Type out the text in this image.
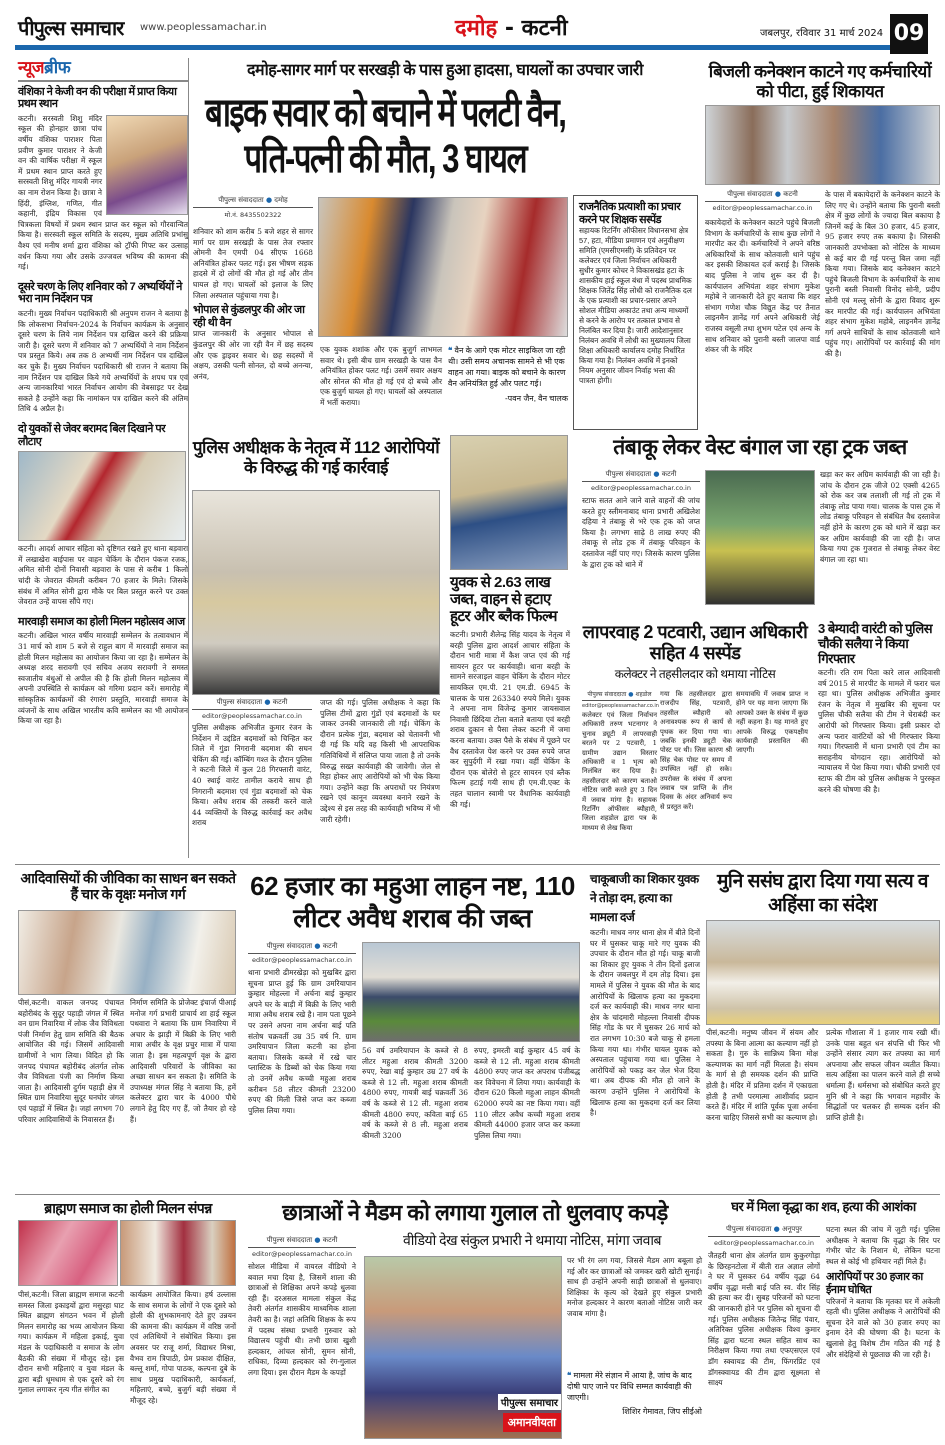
पीपुल्स समाचार www.peoplessamachar.in	दमोह - कटनी	जबलपुर, रविवार 31 मार्च 2024 09
न्यूजब्रीफ
वंशिका ने केजी वन की परीक्षा में प्राप्त किया प्रथम स्थान
कटनी। सरस्वती शिशु मंदिर स्कूल की होनहार छात्रा पांच वर्षीय वंशिका पाराशर पिता प्रवीण कुमार पाराशर ने केजी वन की वार्षिक परीक्षा में स्कूल में प्रथम स्थान प्राप्त करते हुए सरस्वती शिशु मंदिर गायत्री नगर का नाम रोशन किया है। छात्रा ने हिंदी, इंग्लिश, गणित, गीत कहानी, इंद्रिय विकास एवं चित्रकला विषयों में प्रथम स्थान प्राप्त कर स्कूल को गौरवान्वित किया है। सरस्वती स्कूल समिति के सदस्य, मुख्य अतिथि प्रभांसु वैश्य एवं मनीष शर्मा द्वारा वंशिका को ट्रॉफी गिफ्ट कर उत्साह वर्धन किया गया और उसके उज्जवल भविष्य की कामना की गई।
दूसरे चरण के लिए शनिवार को 7 अभ्यर्थियों ने भरा नाम निर्देशन पत्र
कटनी। मुख्य निर्वाचन पदाधिकारी श्री अनुपम राजन ने बताया है कि लोकसभा निर्वाचन-2024 के निर्वाचन कार्यक्रम के अनुसार दूसरे चरण के लिये नाम निर्देशन पत्र दाखिल करने की प्रक्रिया जारी है। दूसरे चरण में शनिवार को 7 अभ्यर्थियों ने नाम निर्देशन पत्र प्रस्तुत किये। अब तक 8 अभ्यर्थी नाम निर्देशन पत्र दाखिल कर चुके हैं। मुख्य निर्वाचन पदाधिकारी श्री राजन ने बताया कि नाम निर्देशन पत्र दाखिल किये गये अभ्यर्थियों के शपथ पत्र एवं अन्य जानकारियां भारत निर्वाचन आयोग की वेबसाइट पर देख सकते है उन्होंने कहा कि नामांकन पत्र दाखिल करने की अंतिम तिथि 4 अप्रैल है।
दो युवकों से जेवर बरामद बिल दिखाने पर लौटाए
कटनी। आदर्श आचार संहिता को दृष्टिगत रखते हुए थाना बड़वारा में लखाखेरा बाईपास पर वाहन चेकिंग के दौरान पंकज रजक, अमित सोनी दोनों निवासी बड़वारा के पास से करीब 1 किलो चांदी के जेवरात कीमती करीबन 70 हजार के मिले। जिसके संबंध में अमित सोनी द्वारा मौके पर बिल प्रस्तुत करने पर उक्त जेवरात उन्हें वापस सौंपे गए।
मारवाड़ी समाज का होली मिलन महोत्सव आज
कटनी। अखिल भारत वर्षीय मारवाड़ी सम्मेलन के तत्वावधान में 31 मार्च को शाम 5 बजे से राहुल बाग में मारवाड़ी समाज का होली मिलन महोत्सव का आयोजन किया जा रहा है। सम्मेलन के अध्यक्ष शरद सरावगी एवं सचिव अजय सरावगी ने समस्त स्वजातीय बंधुओं से अपील की है कि होली मिलन महोत्सव में अपनी उपस्थिति से कार्यक्रम को गरिमा प्रदान करें। समारोह में सांस्कृतिक कार्यक्रमों की रंगारंग प्रस्तुति, मारवाड़ी समाज के व्यंजनों के साथ अखिल भारतीय कवि सम्मेलन का भी आयोजन किया जा रहा है।
दमोह-सागर मार्ग पर सरखड़ी के पास हुआ हादसा, घायलों का उपचार जारी
बाइक सवार को बचाने में पलटी वैन, पति-पत्नी की मौत, 3 घायल
पीपुल्स संवाददाता ● दमोह
मो.नं. 8435502322
शनिवार को शाम करीब 5 बजे शहर से सागर मार्ग पर ग्राम सरखड़ी के पास तेज रफ्तार ओमनी वैन एमपी 04 सीएफ 1668 अनियंत्रित होकर पलट गई। इस भीषण सड़क हादसे में दो लोगों की मौत हो गई और तीन घायल हो गए। घायलों को इलाज के लिए जिला अस्पताल पहुंचाया गया है।
भोपाल से कुंडलपुर की ओर जा रही थी वैन
प्राप्त जानकारी के अनुसार भोपाल से कुंडलपुर की ओर जा रही वैन में छह सदस्य और एक ड्राइवर सवार थे। छह सदस्यों में अक्षय, उसकी पत्नी सोनल, दो बच्चे अनन्या, अनंव,
एक युवक शशांक और एक बुजुर्ग लाभमल सवार थे। इसी बीच ग्राम सरखड़ी के पास वैन अनियंत्रित होकर पलट गई। उसमें सवार अक्षय और सोनल की मौत हो गई एवं दो बच्चे और एक बुजुर्ग घायल हो गए। घायलों को अस्पताल में भर्ती कराया।
❝ वैन के आगे एक मोटर साइकिल जा रही थी। उसी समय अचानक सामने से भी एक वाहन आ गया। बाइक को बचाने के कारण वैन अनियंत्रित हुई और पलट गई।
-पवन जैन, वैन चालक
बिजली कनेक्शन काटने गए कर्मचारियों को पीटा, हुई शिकायत
पीपुल्स संवाददाता ● कटनी
editor@peoplessamachar.co.in
बकायेदारों के कनेक्शन काटने पहुंचे बिजली विभाग के कर्मचारियों के साथ कुछ लोगों ने मारपीट कर दी। कर्मचारियों ने अपने वरिष्ठ अधिकारियों के साथ कोतवाली थाने पहुंच कर इसकी शिकायत दर्ज कराई है। जिसके बाद पुलिस ने जांच शुरू कर दी है। कार्यपालन अभियंता शहर संभाग मुकेश महोबे ने जानकारी देते हुए बताया कि शहर संभाग गणेश चौक विद्युत केंद्र पर तैनात लाइनमैन ज्ञानेंद्र गर्ग अपने अधिकारी जेई राजस्व वसूली तथा शुभम पटेल एवं अन्य के साथ शनिवार को पुरानी बस्ती जालपा वार्ड शंकर जी के मंदिर
के पास में बकायेदारों के कनेक्शन काटने के लिए गए थे। उन्होंने बताया कि पुरानी बस्ती क्षेत्र में कुछ लोगों के ज्यादा बिल बकाया है जिनमें कई के बिल 30 हजार, 45 हजार, 95 हजार रुपए तक बकाया है। जिसकी जानकारी उपभोक्ता को नोटिस के माध्यम से कई बार दी गई परन्तु बिल जमा नहीं किया गया। जिसके बाद कनेक्शन काटने पहुंचे बिजली विभाग के कर्मचारियों के साथ पुरानी बस्ती निवासी विनोद सोनी, प्रदीप सोनी एवं मल्लू सोनी के द्वारा विवाद शुरू कर मारपीट की गई। कार्यपालन अभियंता शहर संभाग मुकेश महोबे, लाइनमैन ज्ञानेंद्र गर्ग अपने साथियों के साथ कोतवाली थाने पहुंच गए। आरोपियों पर कार्रवाई की मांग की है।
राजनैतिक प्रत्याशी का प्रचार करने पर शिक्षक सस्पेंड
सहायक रिटर्निंग ऑफीसर विधानसभा क्षेत्र 57, हटा, मीडिया प्रमाणन एवं अनुवीक्षण समिति (एमसीएमसी) के प्रतिवेदन पर कलेक्टर एवं जिला निर्वाचन अधिकारी सुधीर कुमार कोचर ने विकासखंड हटा के शासकीय हाई स्कूल बंधा में पदस्थ प्राथमिक शिक्षक जितेंद्र सिंह लोधी को राजनैतिक दल के एक प्रत्याशी का प्रचार-प्रसार अपने सोशल मीडिया अकाउंट तथा अन्य माध्यमों से करने के आरोप पर तत्काल प्रभाव से निलंबित कर दिया है। जारी आदेशानुसार निलंबन अवधि में लोधी का मुख्यालय जिला शिक्षा अधिकारी कार्यालय दमोह निर्धारित किया गया है। निलंबन अवधि में इनको नियम अनुसार जीवन निर्वाह भत्ता की पात्रता होगी।
पुलिस अधीक्षक के नेतृत्व में 112 आरोपियों के विरुद्ध की गई कार्रवाई
पीपुल्स संवाददाता ● कटनी
editor@peoplessamachar.co.in
पुलिस अधीक्षक अभिजीत कुमार रंजन के निर्देशन में उद्दंडित बदमाशों को चिन्हित कर जिले में गुंडा निगरानी बदमाश की सघन चेकिंग की गई। कॉम्बिंग गश्त के दौरान पुलिस ने कटनी जिले में कुल 28 गिरफ्तारी वारंट, 40 स्थाई वारंट तामील कराये साथ ही निगरानी बदमाश एवं गुंडा बदमाशों को चेक किया। अवैध शराब की तस्करी करने वाले 44 व्यक्तियों के विरुद्ध कार्रवाई कर अवैध शराब
जप्त की गई। पुलिस अधीक्षक ने कहा कि पुलिस टीमों द्वारा गुंडों एवं बदमाशों के घर जाकर उनकी जानकारी ली गई। चेकिंग के दौरान प्रत्येक गुंडा, बदमाश को चेतावनी भी दी गई कि यदि वह किसी भी आपराधिक गतिविधियों में संलिप्त पाया जाता है तो उनके विरुद्ध सख्त कार्यवाही की जावेगी। जेल से रिहा होकर आए आरोपियों को भी चेक किया गया। उन्होंने कहा कि अपराधों पर नियंत्रण रखने एवं कानून व्यवस्था बनाने रखने के उद्देश्य से इस तरह की कार्यवाही भविष्य में भी जारी रहेगी।
युवक से 2.63 लाख जब्त, वाहन से हटाए हूटर और ब्लैक फिल्म
कटनी। प्रभारी शैलेन्द्र सिंह यादव के नेतृत्व में बरही पुलिस द्वारा आदर्श आचार संहिता के दौरान भारी मात्रा में कैश जप्त एवं की गई सायरन हूटर पर कार्यवाही। थाना बरही के सामने सरजाइल वाहन चेकिंग के दौरान मोटर सायकिल एम.पी. 21 एम.डी. 6945 के चालक के पास 263340 रुपये मिले। युवक ने अपना नाम विजेन्द्र कुमार जायसवाल निवासी छिंदिया टोला बताते बताया एवं बरही शराब दुकान से पैसा लेकर कटनी में जमा करना बताया। उक्त पैसे के संबंध में पूछने पर वैध दस्तावेज पेश करने पर उक्त रुपये जप्त कर सुपुर्दगी में रखा गया। वहीं चेकिंग के दौरान एक बोलेरो से हूटर सायरन एवं ब्लैक फिल्म हटाई गयी साथ ही एम.वी.एक्ट के तहत चालान स्वामी पर वैधानिक कार्यवाही की गई।
तंबाकू लेकर वेस्ट बंगाल जा रहा ट्रक जब्त
पीपुल्स संवाददाता ● कटनी
editor@peoplessamachar.co.in
स्टाफ सतत आने जाने वाले वाहनों की जांच करते हुए स्लीमनाबाद थाना प्रभारी अखिलेश दहिया ने तंबाकू से भरे एक ट्रक को जप्त किया है। लगभग साढ़े 8 लाख रुपए की तंबाकू से लोड ट्रक में तंबाकू परिवहन के दस्तावेज नहीं पाए गए। जिसके कारण पुलिस के द्वारा ट्रक को थाने में
खड़ा कर कर अग्रिम कार्यवाही की जा रही है। जांच के दौरान ट्रक जीजे 02 एक्सी 4265 को रोक कर जब तलाशी ली गई तो ट्रक में तंबाकू लोड पाया गया। चालक के पास ट्रक में लोड तंबाकू परिवहन से संबंधित वैध दस्तावेज नहीं होने के कारण ट्रक को थाने में खड़ा कर कर अग्रिम कार्यवाही की जा रही है। जप्त किया गया ट्रक गुजरात से तंबाकू लेकर वेस्ट बंगाल जा रहा था।
लापरवाह 2 पटवारी, उद्यान अधिकारी सहित 4 सस्पेंड
कलेक्टर ने तहसीलदार को थमाया नोटिस
पीपुल्स संवाददाता ● शहडोल
editor@peoplessamachar.co.in
कलेक्टर एवं जिला निर्वाचन अधिकारी तरुण भटनागर ने चुनाव ड्यूटी में लापरवाही बरतने पर 2 पटवारी, 1 ग्रामीण उद्यान विस्तार अधिकारी व 1 भृत्य को निलंबित कर दिया है। तहसीलदार को कारण बताओ नोटिस जारी करते हुए 3 दिन में जवाब मांगा है। सहायक रिटर्निंग ऑफीसर ब्यौहारी, जिला शहडोल द्वारा पत्र के माध्यम से लेख किया
गया कि तहसीलदार द्वारा राजदीप सिंह, पटवारी, तहसील ब्यौहारी को अनावश्यक रूप से कार्य से पृथक कर दिया गया था। जबकि इनकी ड्यूटी चेक पोस्ट पर थी। जिस कारण श्री सिंह चेक पोस्ट पर समय में उपस्थित नहीं हो सके। उपरोक्त के संबंध में अपना जवाब पत्र प्राप्ति के तीन दिवस के अंदर अनिवार्य रूप से प्रस्तुत करें।
समयावधि में जवाब प्राप्त न होने पर यह माना जाएगा कि आपको उक्त के संबंध में कुछ नहीं कहना है। यह मानते हुए आपके विरुद्ध एकपक्षीय कार्यवाही प्रस्तावित की जाएगी।
3 बेम्यादी वारंटी को पुलिस चौकी सलैया ने किया गिरफ्तार
कटनी। रति राम पिता कारे लाल आदिवासी वर्ष 2015 से मारपीट के मामले में फरार चल रहा था। पुलिस अधीक्षक अभिजीत कुमार रंजन के नेतृत्व में मुखबिर की सूचना पर पुलिस चौकी सलैया की टीम ने घेराबंदी कर आरोपी को गिरफ्तार किया। इसी प्रकार दो अन्य फरार वारंटियों को भी गिरफ्तार किया गया। गिरफ्तारी में थाना प्रभारी एवं टीम का सराहनीय योगदान रहा। आरोपियों को न्यायालय में पेश किया गया। चौकी प्रभारी एवं स्टाफ की टीम को पुलिस अधीक्षक ने पुरस्कृत करने की घोषणा की है।
आदिवासियों की जीविका का साधन बन सकते हैं चार के वृक्षः मनोज गर्ग
पीसं,कटनी। वाकल जनपद पंचायत बहोरीबंद के सुदूर पहाड़ी जंगल में स्थित वन ग्राम निवारिया में लोक जैव विविधता पंजी निर्माण हेतु ग्राम समिति की बैठक आयोजित की गई। जिसमें आदिवासी ग्रामीणों ने भाग लिया। विदित हो कि जनपद पंचायत बहोरीबंद अंतर्गत लोक जैव विविधता पंजी का निर्माण किया जाता है। आदिवासी दुर्गम पहाड़ी क्षेत्र में स्थित ग्राम निवारिया सुदूर घनघोर जंगल एवं पहाड़ों में स्थित है। जहां लगभग 70 परिवार आदिवासियों के निवासरत हैं।
निर्माण समिति के प्रोजेक्ट इंचार्ज पीआई मनोज गर्ग प्रभारी प्राचार्य शा हाई स्कूल पथवारा ने बताया कि ग्राम निवारिया में अचार के झाड़ी में बिक्री के लिए भारी मात्रा अचीर के वृक्ष प्रचुर मात्रा में पाया जाता है। इस महत्वपूर्ण वृक्ष के द्वारा आदिवासी परिवारों के जीविका का अच्छा साधन बन सकता है। समिति के उपाध्यक्ष मंगल सिंह ने बताया कि, हमें कलेक्टर द्वारा चार के 4000 पौधे लगाने हेतु दिए गए हैं, जो तैयार हो रहे हैं।
62 हजार का महुआ लाहन नष्ट, 110 लीटर अवैध शराब की जब्त
पीपुल्स संवाददाता ● कटनी
editor@peoplessamachar.co.in
थाना प्रभारी ढीमरखेड़ा को मुखबिर द्वारा सूचना प्राप्त हुई कि ग्राम उमरियापान कुम्हार मोहल्ला में अर्चना बाई कुम्हार अपने घर के बाड़ी में बिक्री के लिए भारी मात्रा अवैध शराब रखे है। नाम पता पूछने पर उसने अपना नाम अर्चना बाई पति संतोष चक्रवर्ती उम्र 35 वर्ष नि. ग्राम उमरियापान जिला कटनी का होना बताया। जिसके कब्जे में रखे चार प्लास्टिक के डिब्बों को चेक किया गया तो उनमें अवैध कच्ची महुआ शराब करीबन 58 लीटर कीमती 23200 रुपए की मिली जिसे जप्त कर कब्जा पुलिस लिया गया।
56 वर्ष उमरियापान के कब्जे से 8 लीटर महुआ शराब कीमती 3200 रुपए, रेखा बाई कुम्हार उम्र 27 वर्ष के कब्जे से 12 ली. महुआ शराब कीमती 4800 रुपए, गायत्री बाई चक्रवर्ती 36 वर्ष के कब्जे से 12 ली. महुआ शराब कीमती 4800 रुपए, कविता बाई 65 वर्ष के कब्जे से 8 ली. महुआ शराब कीमती 3200
रुपए, इमरती बाई कुम्हार 45 वर्ष के कब्जे से 12 ली. महुआ शराब कीमती 4800 रुपए जप्त कर अपराध पंजीबद्ध कर विवेचना में लिया गया। कार्यवाही के दौरान 620 किलो महुआ लाहन कीमती 62000 रुपये का नष्ट किया गया। वहीं 110 लीटर अवैध कच्ची महुआ शराब कीमती 44000 हजार जप्त कर कब्जा पुलिस लिया गया।
चाकूबाजी का शिकार युवक ने तोड़ा दम, हत्या का मामला दर्ज
कटनी। माधव नगर थाना क्षेत्र में बीते दिनों घर में घुसकर चाकू मारे गए युवक की उपचार के दौरान मौत हो गई। चाकू बाजी का शिकार हुए युवक ने तीन दिनों इलाज के दौरान जबलपुर में दम तोड़ दिया। इस मामले में पुलिस ने युवक की मौत के बाद आरोपियों के खिलाफ हत्या का मुकदमा दर्ज कर कार्यवाही की। माधव नगर थाना क्षेत्र के चांदमारी मोहल्ला निवासी दीपक सिंह गोंड के घर में घुसकर 26 मार्च को रात लगभग 10:30 बजे चाकू से हमला किया गया था। गंभीर घायल युवक को अस्पताल पहुंचाया गया था। पुलिस ने आरोपियों को पकड़ कर जेल भेज दिया था। अब दीपक की मौत हो जाने के कारण उन्होंने पुलिस ने आरोपियों के खिलाफ हत्या का मुकदमा दर्ज कर लिया है।
मुनि ससंघ द्वारा दिया गया सत्य व अहिंसा का संदेश
पीसं,कटनी। मनुष्य जीवन में संयम और तपस्या के बिना आत्मा का कल्याण नहीं हो सकता है। गुरु के सान्निध्य बिना मोक्ष कल्याणक का मार्ग नहीं मिलता है। संयम के मार्ग से ही समयक दर्शन की प्राप्ति होती है। मंदिर में प्रतिमा दर्शन में एकाग्रता होती है तभी परमात्मा आशीर्वाद प्रदान करते हैं। मंदिर में शांति पूर्वक पूजा अर्चना करना चाहिए जिससे सभी का कल्याण हो।
प्रत्येक गौशाला में 1 हजार गाय रखी थीं। उनके पास बहुत धन संपत्ति थी फिर भी उन्होंने संसार त्याग कर तपस्या का मार्ग अपनाया और सफल जीवन व्यतीत किया। सत्य अहिंसा का पालन करने वाले ही सच्चे धर्मात्मा हैं। धर्मसभा को संबोधित करते हुए मुनि श्री ने कहा कि भगवान महावीर के सिद्धांतों पर चलकर ही सम्यक दर्शन की प्राप्ति होती है।
ब्राह्मण समाज का होली मिलन संपन्न
पीसं,कटनी। जिला ब्राह्मण समाज कटनी समस्त जिला इकाइयों द्वारा मसुरहा घाट स्थित ब्राह्मण संगठन भवन में होली मिलन समारोह का भव्य आयोजन किया गया। कार्यक्रम में महिला इकाई, युवा मंडल के पदाधिकारी व समाज के लोग बैठकी की संख्या में मौजूद रहे। इस दौरान सभी महिलाएं व युवा मंडल के द्वारा बड़ी धूमधाम से एक दूसरे को रंग गुलाल लगाकर नृत्य गीत संगीत का
कार्यक्रम आयोजित किया। हर्ष उल्लास के साथ समाज के लोगों ने एक दूसरे को होली की शुभकामनाएं देते हुए उन्नयन की कामना की। कार्यक्रम में वरिष्ठ जनों एवं अतिथियों ने संबोधित किया। इस अवसर पर राजू शर्मा, विद्याधर मिश्रा, वैभव राम त्रिपाठी, प्रेम प्रकाश दीक्षित, बल्लू शर्मा, गोपा पाठक, कल्पना दुबे के साथ प्रमुख पदाधिकारी, कार्यकर्ता, महिलाएं, बच्चे, बुजुर्ग बड़ी संख्या में मौजूद रहे।
छात्राओं ने मैडम को लगाया गुलाल तो धुलवाए कपड़े
वीडियो देख संकुल प्रभारी ने थमाया नोटिस, मांगा जवाब
पीपुल्स संवाददाता ● कटनी
editor@peoplessamachar.co.in
सोशल मीडिया में वायरल वीडियो ने बवाल मचा दिया है, जिसमें शाला की छात्राओं से शिक्षिका अपने कपड़े धुलवा रही हैं। दरअसल मामला संकुल केंद्र तेवरी अंतर्गत शासकीय माध्यमिक शाला तेवरी का है। जहां अतिथि शिक्षक के रूप में पदस्थ संस्था प्रभारी गुरुवार को विद्यालय पहुंची थी। तभी छात्रा खुशी हल्दकार, आंचल सोनी, सुमन सोनी, राधिका, दिव्या हल्दकार को रंग-गुलाल लगा दिया। इस दौरान मैडम के कपड़ों
पीपुल्स समाचार
अमानवीयता
पर भी रंग लग गया, जिससे मैडम आग बबूला हो गई और कर छात्राओं को जमकर खरी खोटी सुनाई। साथ ही उन्होंने अपनी साड़ी छात्राओं से धुलवाए। शिक्षिका के कृत्य को देखते हुए संकुल प्रभारी मनोज हल्दकार ने कारण बताओ नोटिस जारी कर जवाब मांगा है।
❝ मामला मेरे संज्ञान में आया है, जांच के बाद दोषी पाए जाने पर विधि सम्मत कार्यवाही की जाएगी।
शिशिर गेमावत, जिप सीईओ
घर में मिला वृद्धा का शव, हत्या की आशंका
पीपुल्स संवाददाता ● अनूपपुर
editor@peoplessamachar.co.in
जैतहरी थाना क्षेत्र अंतर्गत ग्राम कुकुरगोड़ा के छिरहनटोला में बीती रात अज्ञात लोगों ने घर में घुसकर 64 वर्षीय वृद्धा 64 वर्षीय वृद्धा मत्ती बाई पति स्व. वीर सिंह की हत्या कर दी। सुबह परिजनों को घटना की जानकारी होने पर पुलिस को सूचना दी गई। पुलिस अधीक्षक जितेन्द्र सिंह पंवार, अतिरिक्त पुलिस अधीक्षक विश्व कुमार सिंह द्वारा घटना स्थल सहित साथ का निरीक्षण किया गया तथा एफएसएल एवं डॉग स्क्वायड की टीम, फिंगरप्रिंट एवं डॉगस्क्वायड की टीम द्वारा सूक्ष्मता से साक्ष्य
घटना स्थल की जांच में जुटी गई। पुलिस अधीक्षक ने बताया कि वृद्धा के सिर पर गंभीर चोट के निशान थे, लेकिन घटना स्थल से कोई भी हथियार नहीं मिले हैं।
आरोपियों पर 30 हजार का ईनाम घोषित
परिजनों ने बताया कि मृतका घर में अकेली रहती थी। पुलिस अधीक्षक ने आरोपियों की सूचना देने वाले को 30 हजार रुपए का इनाम देने की घोषणा की है। घटना के खुलासे हेतु विशेष टीम गठित की गई है और संदेहियों से पूछताछ की जा रही है।
